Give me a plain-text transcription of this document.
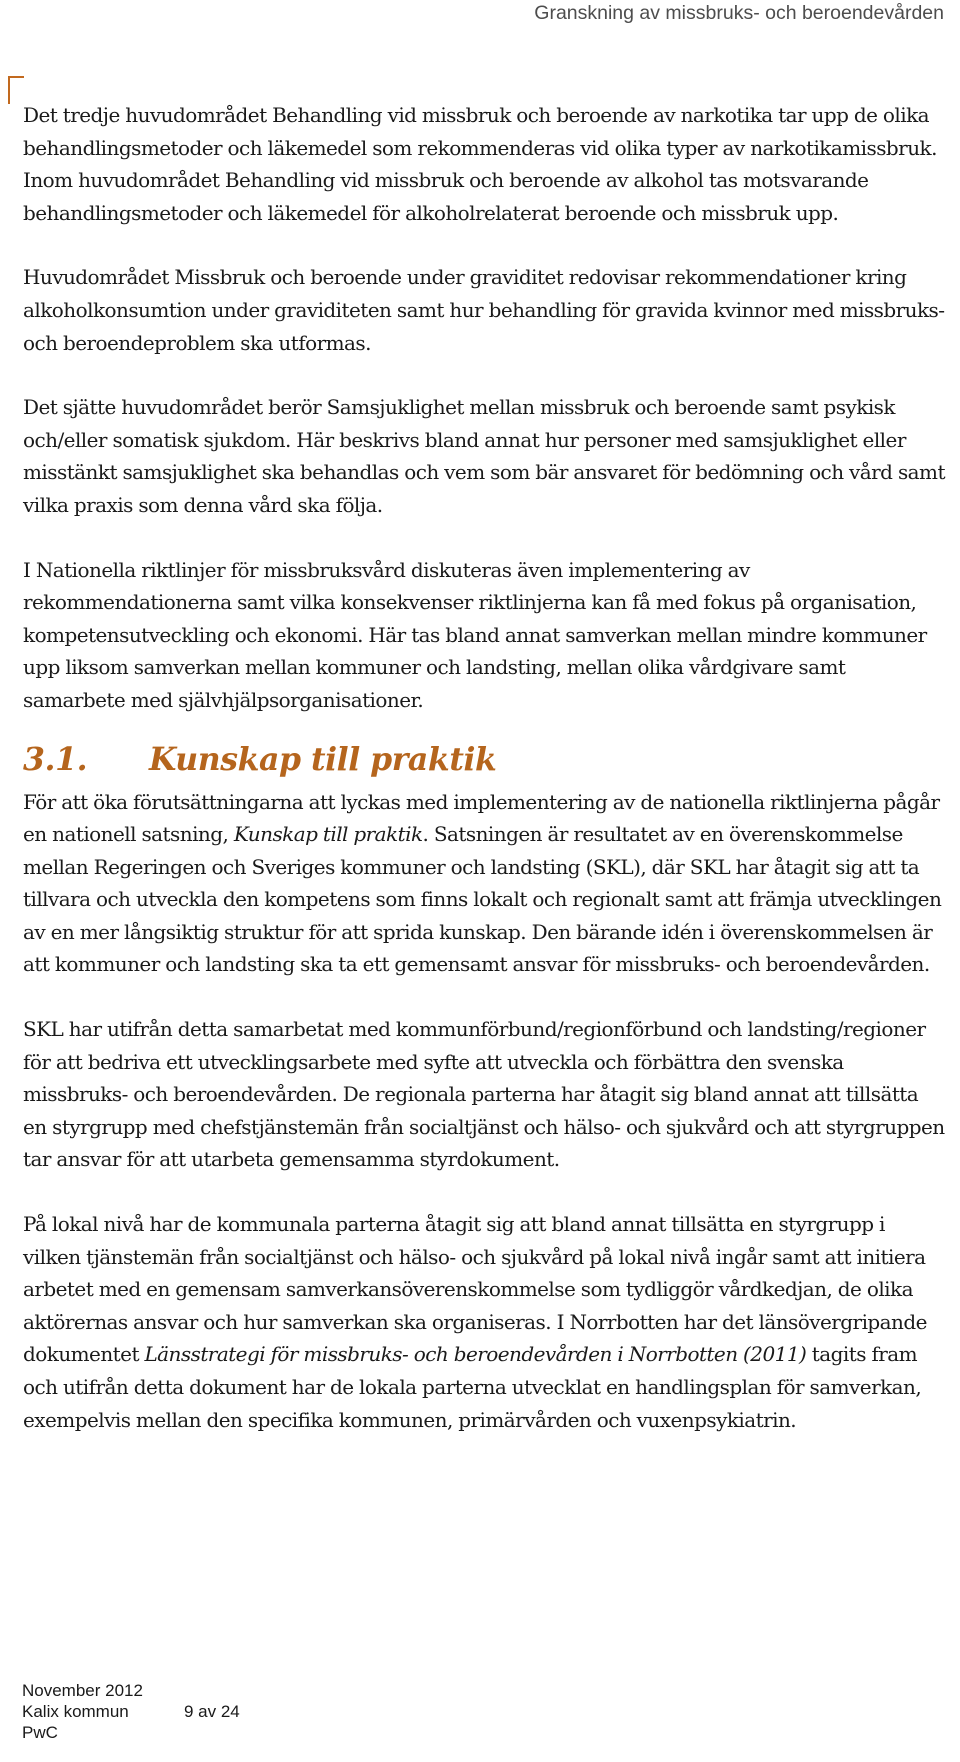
Granskning av missbruks- och beroendevården

Det tredje huvudområdet Behandling vid missbruk och beroende av narkotika tar upp de olika behandlingsmetoder och läkemedel som rekommenderas vid olika typer av narkotikamissbruk. Inom huvudområdet Behandling vid missbruk och beroende av alkohol tas motsvarande behandlingsmetoder och läkemedel för alkoholrelaterat beroende och missbruk upp.

Huvudområdet Missbruk och beroende under graviditet redovisar rekommendationer kring alkoholkonsumtion under graviditeten samt hur behandling för gravida kvinnor med missbruks- och beroendeproblem ska utformas.

Det sjätte huvudområdet berör Samsjuklighet mellan missbruk och beroende samt psykisk och/eller somatisk sjukdom. Här beskrivs bland annat hur personer med samsjuklighet eller misstänkt samsjuklighet ska behandlas och vem som bär ansvaret för bedömning och vård samt vilka praxis som denna vård ska följa.

I Nationella riktlinjer för missbruksvård diskuteras även implementering av rekommendationerna samt vilka konsekvenser riktlinjerna kan få med fokus på organisation, kompetensutveckling och ekonomi. Här tas bland annat samverkan mellan mindre kommuner upp liksom samverkan mellan kommuner och landsting, mellan olika vårdgivare samt samarbete med självhjälpsorganisationer.

3.1.	Kunskap till praktik

För att öka förutsättningarna att lyckas med implementering av de nationella riktlinjerna pågår en nationell satsning, Kunskap till praktik. Satsningen är resultatet av en överenskommelse mellan Regeringen och Sveriges kommuner och landsting (SKL), där SKL har åtagit sig att ta tillvara och utveckla den kompetens som finns lokalt och regionalt samt att främja utvecklingen av en mer långsiktig struktur för att sprida kunskap. Den bärande idén i överenskommelsen är att kommuner och landsting ska ta ett gemensamt ansvar för missbruks- och beroendevården.

SKL har utifrån detta samarbetat med kommunförbund/regionförbund och landsting/regioner för att bedriva ett utvecklingsarbete med syfte att utveckla och förbättra den svenska missbruks- och beroendevården. De regionala parterna har åtagit sig bland annat att tillsätta en styrgrupp med chefstjänstemän från socialtjänst och hälso- och sjukvård och att styrgruppen tar ansvar för att utarbeta gemensamma styrdokument.

På lokal nivå har de kommunala parterna åtagit sig att bland annat tillsätta en styrgrupp i vilken tjänstemän från socialtjänst och hälso- och sjukvård på lokal nivå ingår samt att initiera arbetet med en gemensam samverkansöverenskommelse som tydliggör vårdkedjan, de olika aktörernas ansvar och hur samverkan ska organiseras. I Norrbotten har det länsövergripande dokumentet Länsstrategi för missbruks- och beroendevården i Norrbotten (2011) tagits fram och utifrån detta dokument har de lokala parterna utvecklat en handlingsplan för samverkan, exempelvis mellan den specifika kommunen, primärvården och vuxenpsykiatrin.

November 2012
Kalix kommun	9 av 24
PwC
